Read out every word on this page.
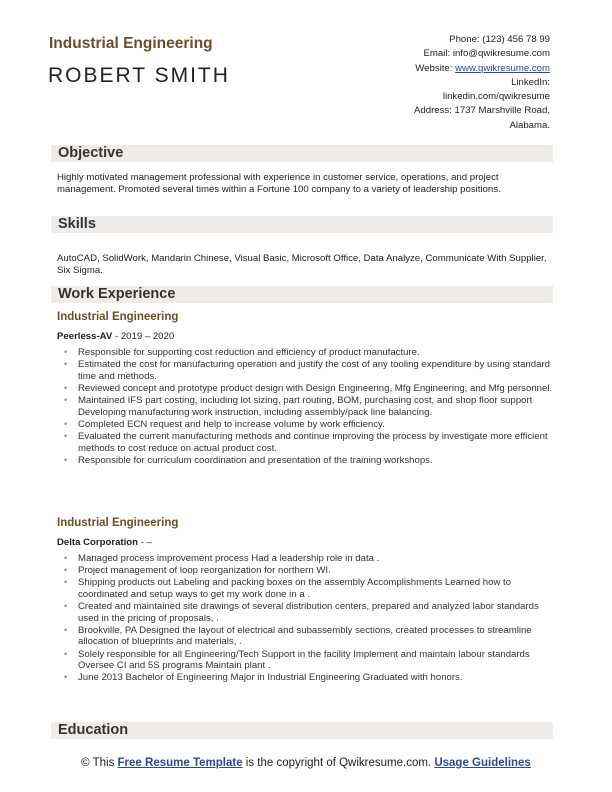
Industrial Engineering
ROBERT SMITH
Phone: (123) 456 78 99
Email: info@qwikresume.com
Website: www.qwikresume.com
LinkedIn:
linkedin.com/qwikresume
Address: 1737 Marshville Road,
Alabama.
Objective
Highly motivated management professional with experience in customer service, operations, and project management. Promoted several times within a Fortune 100 company to a variety of leadership positions.
Skills
AutoCAD, SolidWork, Mandarin Chinese, Visual Basic, Microsoft Office, Data Analyze, Communicate With Supplier, Six Sigma.
Work Experience
Industrial Engineering
Peerless-AV - 2019 – 2020
• Responsible for supporting cost reduction and efficiency of product manufacture.
• Estimated the cost for manufacturing operation and justify the cost of any tooling expenditure by using standard time and methods.
• Reviewed concept and prototype product design with Design Engineering, Mfg Engineering, and Mfg personnel.
• Maintained IFS part costing, including lot sizing, part routing, BOM, purchasing cost, and shop floor support Developing manufacturing work instruction, including assembly/pack line balancing.
• Completed ECN request and help to increase volume by work efficiency.
• Evaluated the current manufacturing methods and continue improving the process by investigate more efficient methods to cost reduce on actual product cost.
• Responsible for curriculum coordination and presentation of the training workshops.
Industrial Engineering
Delta Corporation - –
• Managed process improvement process Had a leadership role in data .
• Project management of loop reorganization for northern WI.
• Shipping products out Labeling and packing boxes on the assembly Accomplishments Learned how to coordinated and setup ways to get my work done in a .
• Created and maintained site drawings of several distribution centers, prepared and analyzed labor standards used in the pricing of proposals, .
• Brookville, PA Designed the layout of electrical and subassembly sections, created processes to streamline allocation of blueprints and materials, .
• Solely responsible for all Engineering/Tech Support in the facility Implement and maintain labour standards Oversee CI and 5S programs Maintain plant .
• June 2013 Bachelor of Engineering Major in Industrial Engineering Graduated with honors.
Education
© This Free Resume Template is the copyright of Qwikresume.com. Usage Guidelines
